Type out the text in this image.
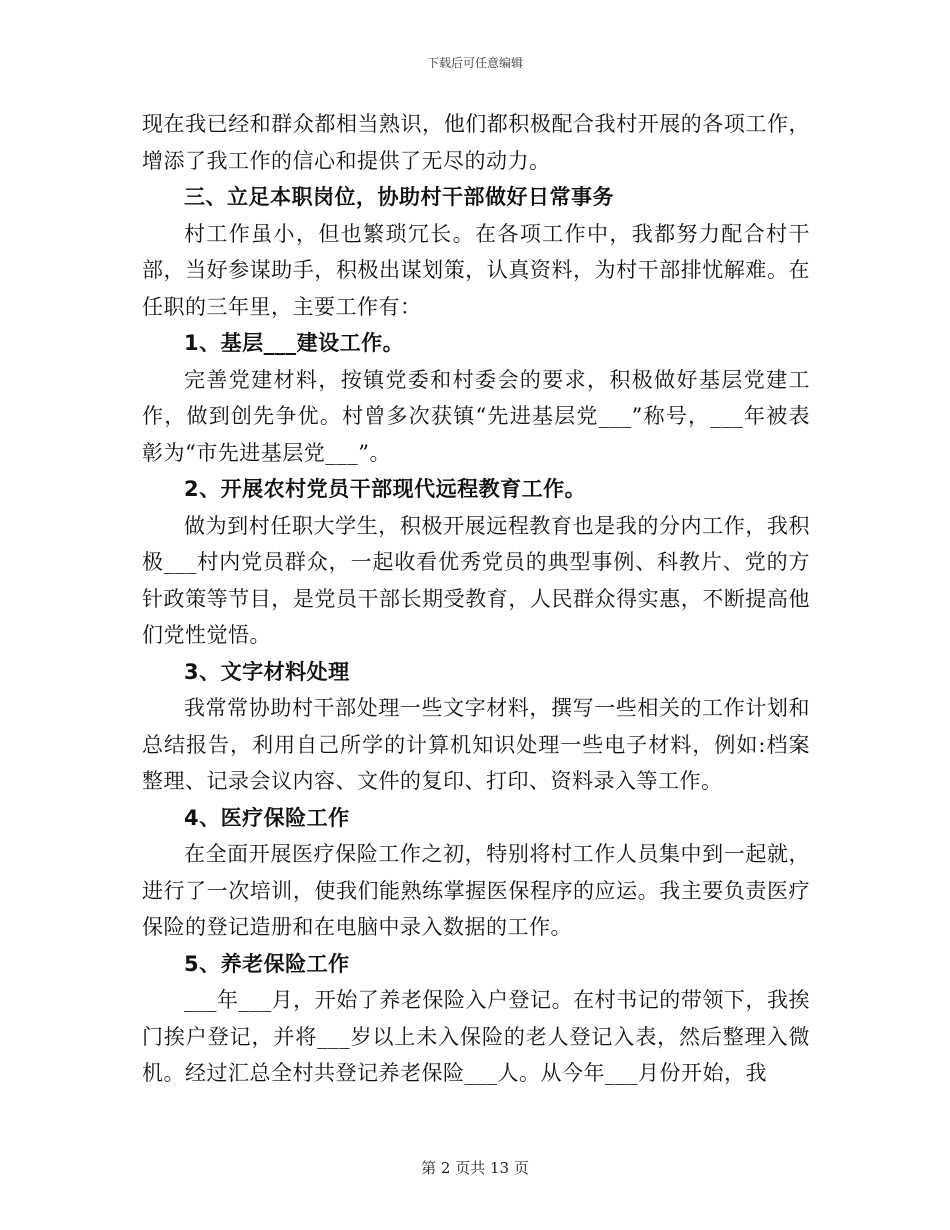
下载后可任意编辑

现在我已经和群众都相当熟识，他们都积极配合我村开展的各项工作，增添了我工作的信心和提供了无尽的动力。

三、立足本职岗位，协助村干部做好日常事务

村工作虽小，但也繁琐冗长。在各项工作中，我都努力配合村干部，当好参谋助手，积极出谋划策，认真资料，为村干部排忧解难。在任职的三年里，主要工作有：

1、基层___建设工作。

完善党建材料，按镇党委和村委会的要求，积极做好基层党建工作，做到创先争优。村曾多次获镇“先进基层党___”称号，___年被表彰为“市先进基层党___”。

2、开展农村党员干部现代远程教育工作。

做为到村任职大学生，积极开展远程教育也是我的分内工作，我积极___村内党员群众，一起收看优秀党员的典型事例、科教片、党的方针政策等节目，是党员干部长期受教育，人民群众得实惠，不断提高他们党性觉悟。

3、文字材料处理

我常常协助村干部处理一些文字材料，撰写一些相关的工作计划和总结报告，利用自己所学的计算机知识处理一些电子材料，例如:档案整理、记录会议内容、文件的复印、打印、资料录入等工作。

4、医疗保险工作

在全面开展医疗保险工作之初，特别将村工作人员集中到一起就，进行了一次培训，使我们能熟练掌握医保程序的应运。我主要负责医疗保险的登记造册和在电脑中录入数据的工作。

5、养老保险工作

___年___月，开始了养老保险入户登记。在村书记的带领下，我挨门挨户登记，并将___岁以上未入保险的老人登记入表，然后整理入微机。经过汇总全村共登记养老保险___人。从今年___月份开始，我

第 2 页共 13 页
